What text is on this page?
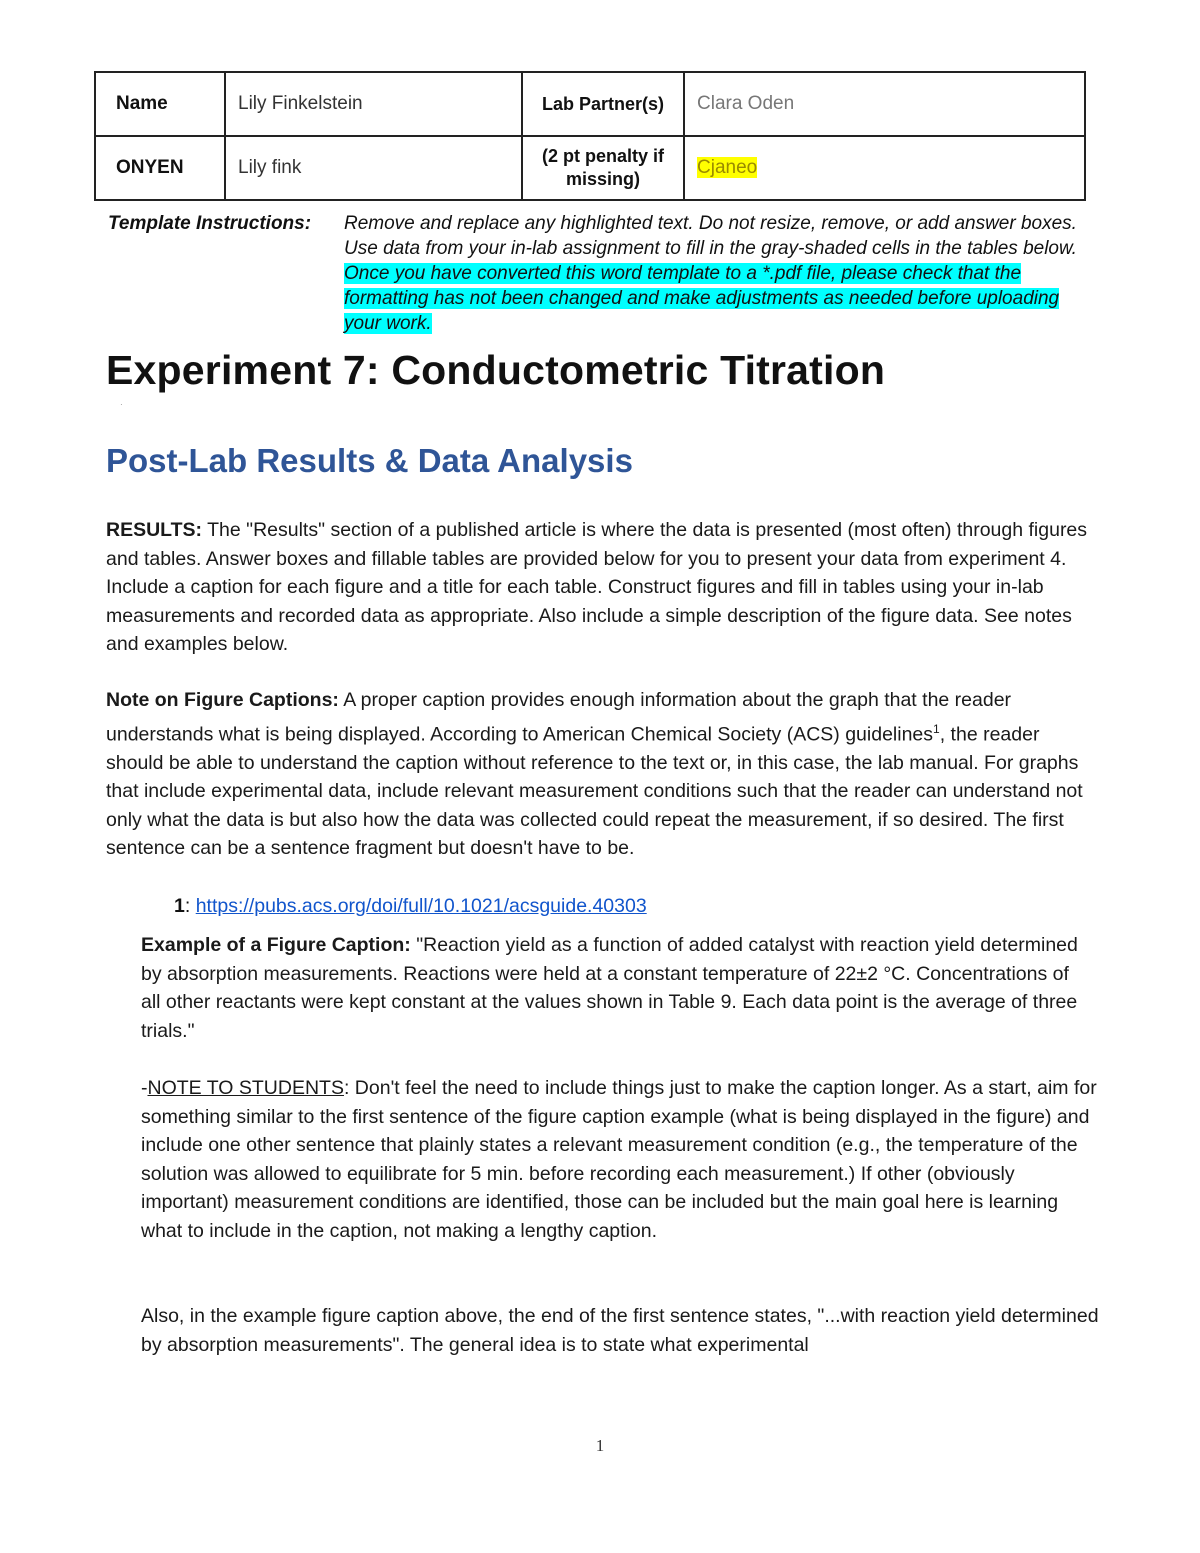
Name	Lily Finkelstein	Lab Partner(s)	Clara Oden
ONYEN	Lily fink	(2 pt penalty if missing)	Cjaneo
Template Instructions: Remove and replace any highlighted text. Do not resize, remove, or add answer boxes. Use data from your in-lab assignment to fill in the gray-shaded cells in the tables below. Once you have converted this word template to a *.pdf file, please check that the formatting has not been changed and make adjustments as needed before uploading your work.
Experiment 7: Conductometric Titration
·
Post-Lab Results & Data Analysis

RESULTS: The "Results" section of a published article is where the data is presented (most often) through figures and tables. Answer boxes and fillable tables are provided below for you to present your data from experiment 4. Include a caption for each figure and a title for each table. Construct figures and fill in tables using your in-lab measurements and recorded data as appropriate. Also include a simple description of the figure data. See notes and examples below.

Note on Figure Captions: A proper caption provides enough information about the graph that the reader understands what is being displayed. According to American Chemical Society (ACS) guidelines$^1$, the reader should be able to understand the caption without reference to the text or, in this case, the lab manual. For graphs that include experimental data, include relevant measurement conditions such that the reader can understand not only what the data is but also how the data was collected could repeat the measurement, if so desired. The first sentence can be a sentence fragment but doesn't have to be.

1: https://pubs.acs.org/doi/full/10.1021/acsguide.40303

Example of a Figure Caption: "Reaction yield as a function of added catalyst with reaction yield determined by absorption measurements. Reactions were held at a constant temperature of 22±2 °C. Concentrations of all other reactants were kept constant at the values shown in Table 9. Each data point is the average of three trials."

-NOTE TO STUDENTS: Don't feel the need to include things just to make the caption longer. As a start, aim for something similar to the first sentence of the figure caption example (what is being displayed in the figure) and include one other sentence that plainly states a relevant measurement condition (e.g., the temperature of the solution was allowed to equilibrate for 5 min. before recording each measurement.) If other (obviously important) measurement conditions are identified, those can be included but the main goal here is learning what to include in the caption, not making a lengthy caption.

Also, in the example figure caption above, the end of the first sentence states, "...with reaction yield determined by absorption measurements". The general idea is to state what experimental

1
